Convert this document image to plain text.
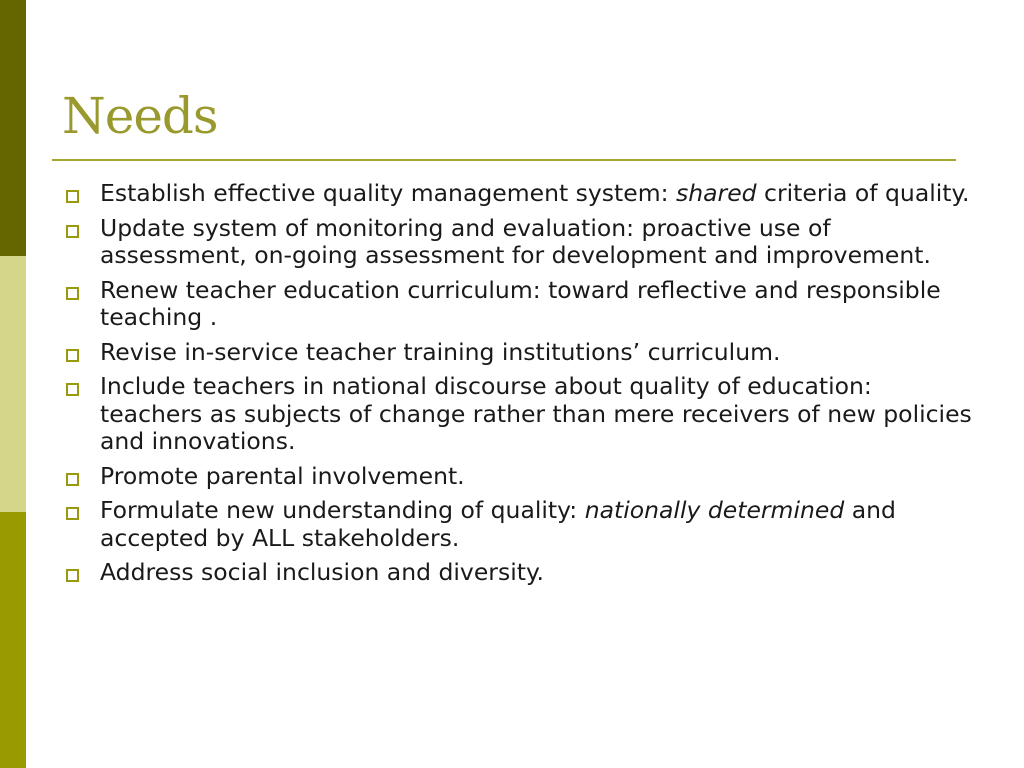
Needs
Establish effective quality management system: shared criteria of quality.
Update system of monitoring and evaluation: proactive use of assessment, on-going assessment for development and improvement.
Renew teacher education curriculum: toward reflective and responsible teaching .
Revise in-service teacher training institutions’ curriculum.
Include teachers in national discourse about quality of education: teachers as subjects of change rather than mere receivers of new policies and innovations.
Promote parental involvement.
Formulate new understanding of quality: nationally determined and accepted by ALL stakeholders.
Address social inclusion and diversity.
